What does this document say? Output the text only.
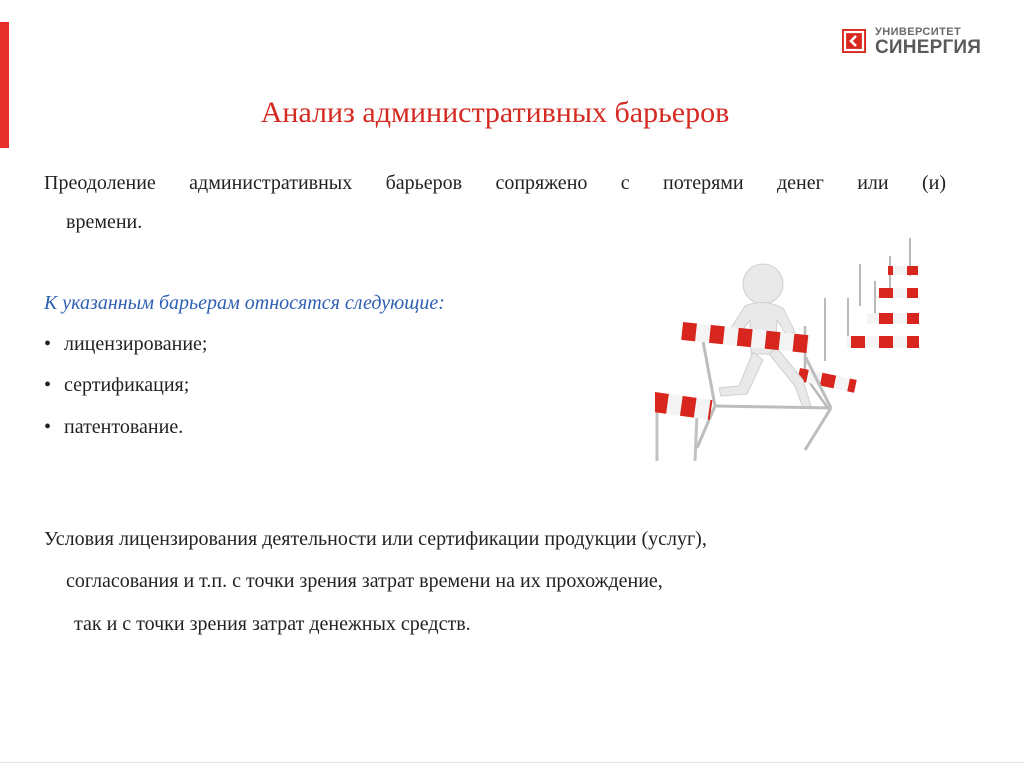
УНИВЕРСИТЕТ
СИНЕРГИЯ
Анализ административных барьеров
Преодоление административных барьеров сопряжено с потерями денег или (и)
времени.
К указанным барьерам относятся следующие:
• лицензирование;
• сертификация;
• патентование.
Условия лицензирования деятельности или сертификации продукции (услуг),
согласования и т.п. с точки зрения затрат времени на их прохождение,
так и с точки зрения затрат денежных средств.
